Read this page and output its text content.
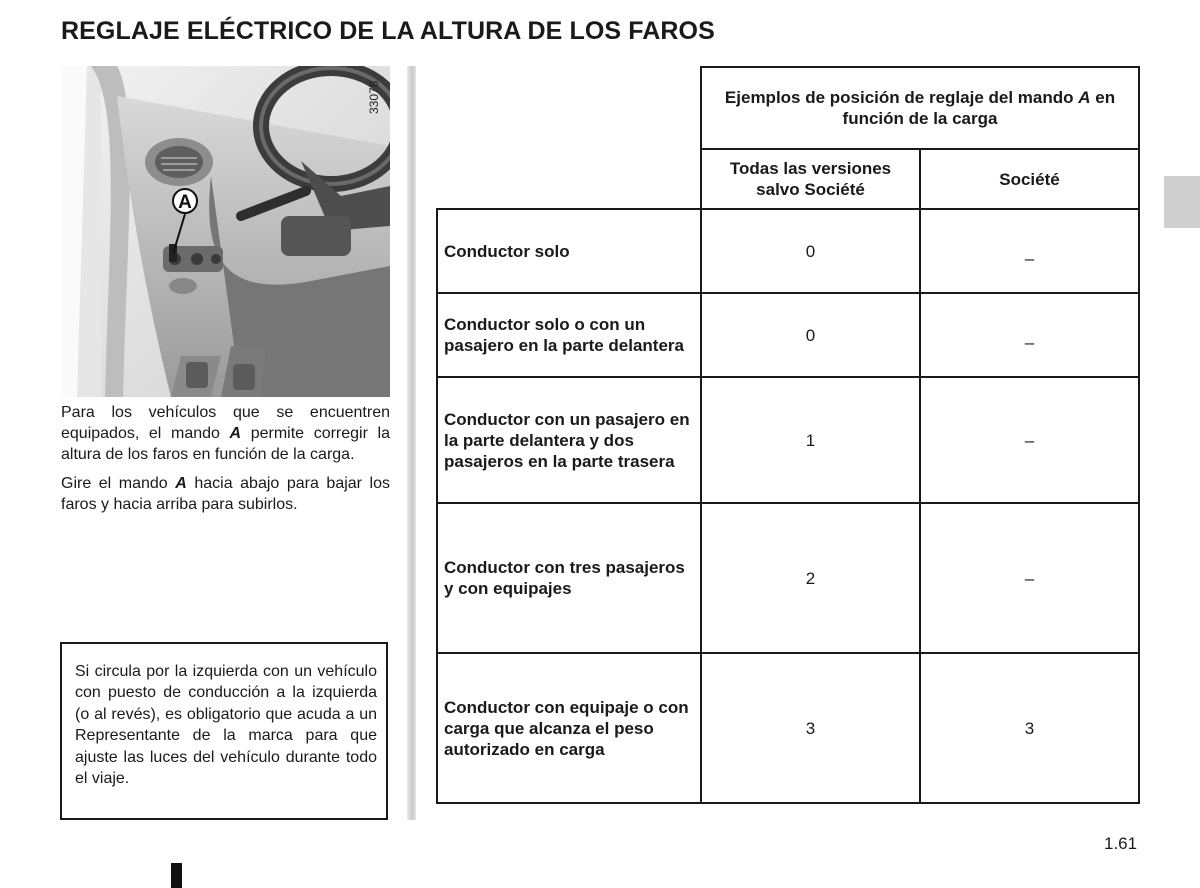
REGLAJE ELÉCTRICO DE LA ALTURA DE LOS FAROS
A
33078

Para los vehículos que se encuentren equipados, el mando A permite corregir la altura de los faros en función de la carga.

Gire el mando A hacia abajo para bajar los faros y hacia arriba para subirlos.

Si circula por la izquierda con un vehículo con puesto de conducción a la izquierda (o al revés), es obligatorio que acuda a un Representante de la marca para que ajuste las luces del vehículo durante todo el viaje.

	Ejemplos de posición de reglaje del mando A en función de la carga	
	Todas las versiones salvo Société	Société
Conductor solo	0	–
Conductor solo o con un pasajero en la parte delantera	0	–
Conductor con un pasajero en la parte delantera y dos pasajeros en la parte trasera	1	–
Conductor con tres pasajeros y con equipajes	2	–
Conductor con equipaje o con carga que alcanza el peso autorizado en carga	3	3
1.61
